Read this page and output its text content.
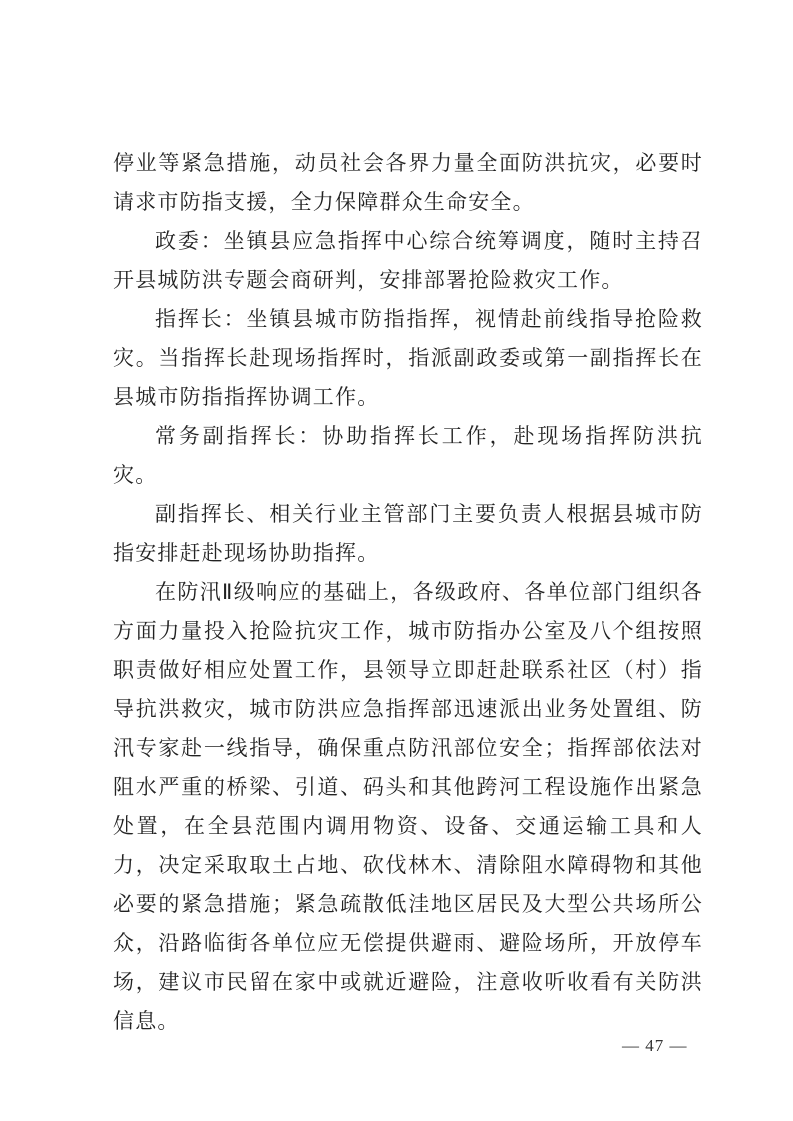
停业等紧急措施，动员社会各界力量全面防洪抗灾，必要时请求市防指支援，全力保障群众生命安全。

政委：坐镇县应急指挥中心综合统筹调度，随时主持召开县城防洪专题会商研判，安排部署抢险救灾工作。

指挥长：坐镇县城市防指指挥，视情赴前线指导抢险救灾。当指挥长赴现场指挥时，指派副政委或第一副指挥长在县城市防指指挥协调工作。

常务副指挥长：协助指挥长工作，赴现场指挥防洪抗灾。

副指挥长、相关行业主管部门主要负责人根据县城市防指安排赶赴现场协助指挥。

在防汛Ⅱ级响应的基础上，各级政府、各单位部门组织各方面力量投入抢险抗灾工作，城市防指办公室及八个组按照职责做好相应处置工作，县领导立即赶赴联系社区（村）指导抗洪救灾，城市防洪应急指挥部迅速派出业务处置组、防汛专家赴一线指导，确保重点防汛部位安全；指挥部依法对阻水严重的桥梁、引道、码头和其他跨河工程设施作出紧急处置，在全县范围内调用物资、设备、交通运输工具和人力，决定采取取土占地、砍伐林木、清除阻水障碍物和其他必要的紧急措施；紧急疏散低洼地区居民及大型公共场所公众，沿路临街各单位应无偿提供避雨、避险场所，开放停车场，建议市民留在家中或就近避险，注意收听收看有关防洪信息。

— 47 —
